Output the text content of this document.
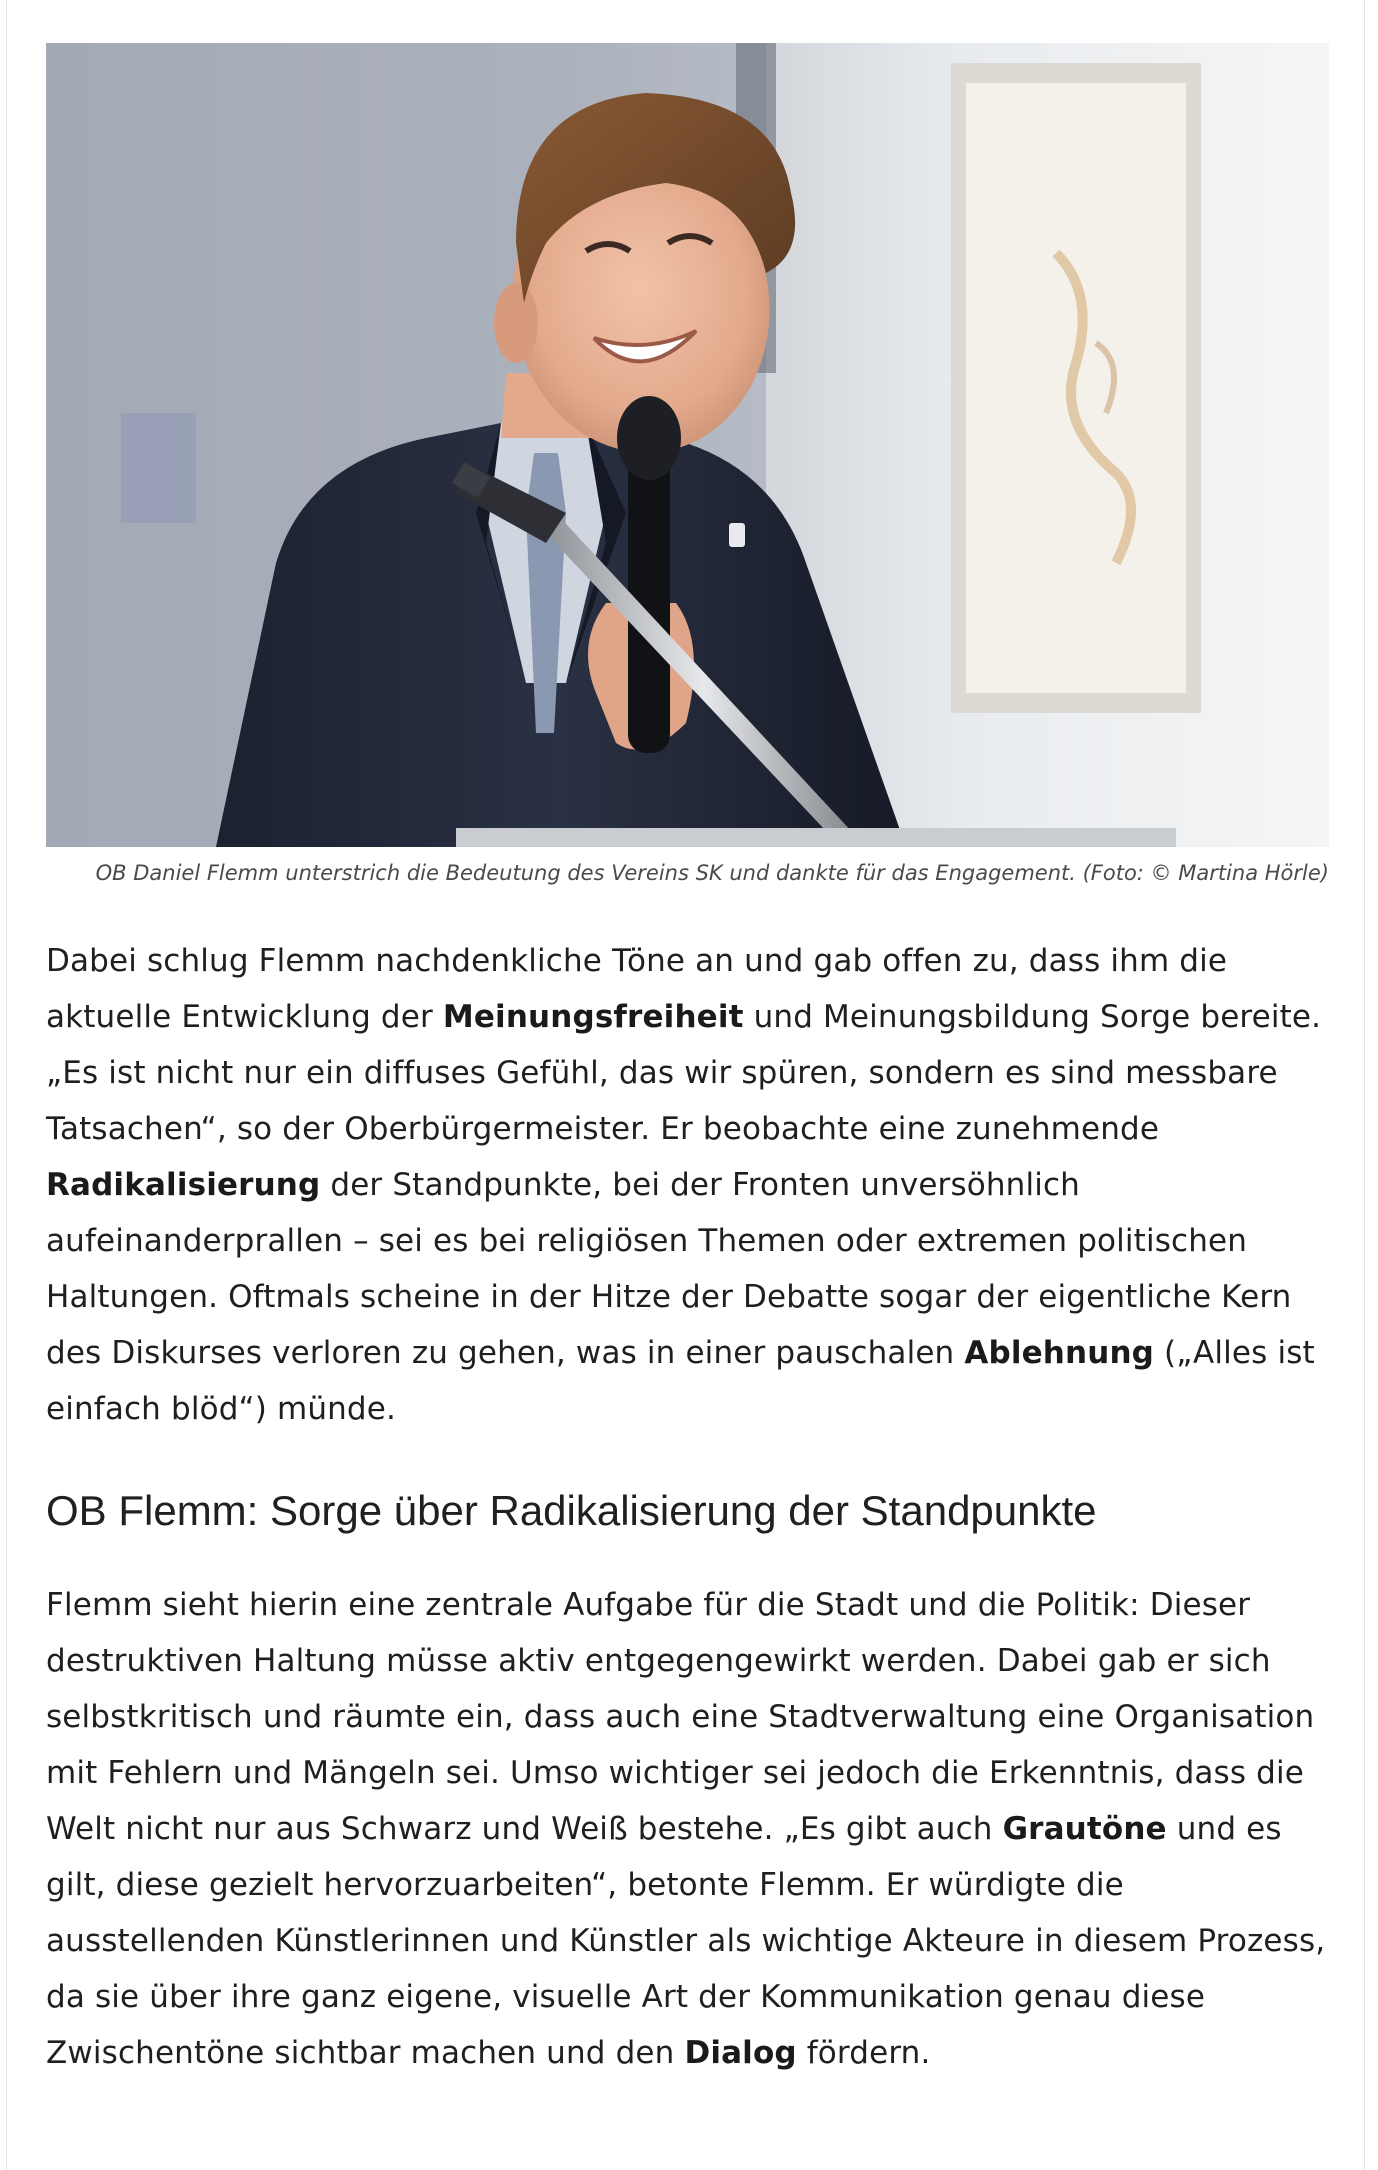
OB Daniel Flemm unterstrich die Bedeutung des Vereins SK und dankte für das Engagement. (Foto: © Martina Hörle)

Dabei schlug Flemm nachdenkliche Töne an und gab offen zu, dass ihm die aktuelle Entwicklung der Meinungsfreiheit und Meinungsbildung Sorge bereite. „Es ist nicht nur ein diffuses Gefühl, das wir spüren, sondern es sind messbare Tatsachen“, so der Oberbürgermeister. Er beobachte eine zunehmende Radikalisierung der Standpunkte, bei der Fronten unversöhnlich aufeinanderprallen – sei es bei religiösen Themen oder extremen politischen Haltungen. Oftmals scheine in der Hitze der Debatte sogar der eigentliche Kern des Diskurses verloren zu gehen, was in einer pauschalen Ablehnung („Alles ist einfach blöd“) münde.

OB Flemm: Sorge über Radikalisierung der Standpunkte

Flemm sieht hierin eine zentrale Aufgabe für die Stadt und die Politik: Dieser destruktiven Haltung müsse aktiv entgegengewirkt werden. Dabei gab er sich selbstkritisch und räumte ein, dass auch eine Stadtverwaltung eine Organisation mit Fehlern und Mängeln sei. Umso wichtiger sei jedoch die Erkenntnis, dass die Welt nicht nur aus Schwarz und Weiß bestehe. „Es gibt auch Grautöne und es gilt, diese gezielt hervorzuarbeiten“, betonte Flemm. Er würdigte die ausstellenden Künstlerinnen und Künstler als wichtige Akteure in diesem Prozess, da sie über ihre ganz eigene, visuelle Art der Kommunikation genau diese Zwischentöne sichtbar machen und den Dialog fördern.
